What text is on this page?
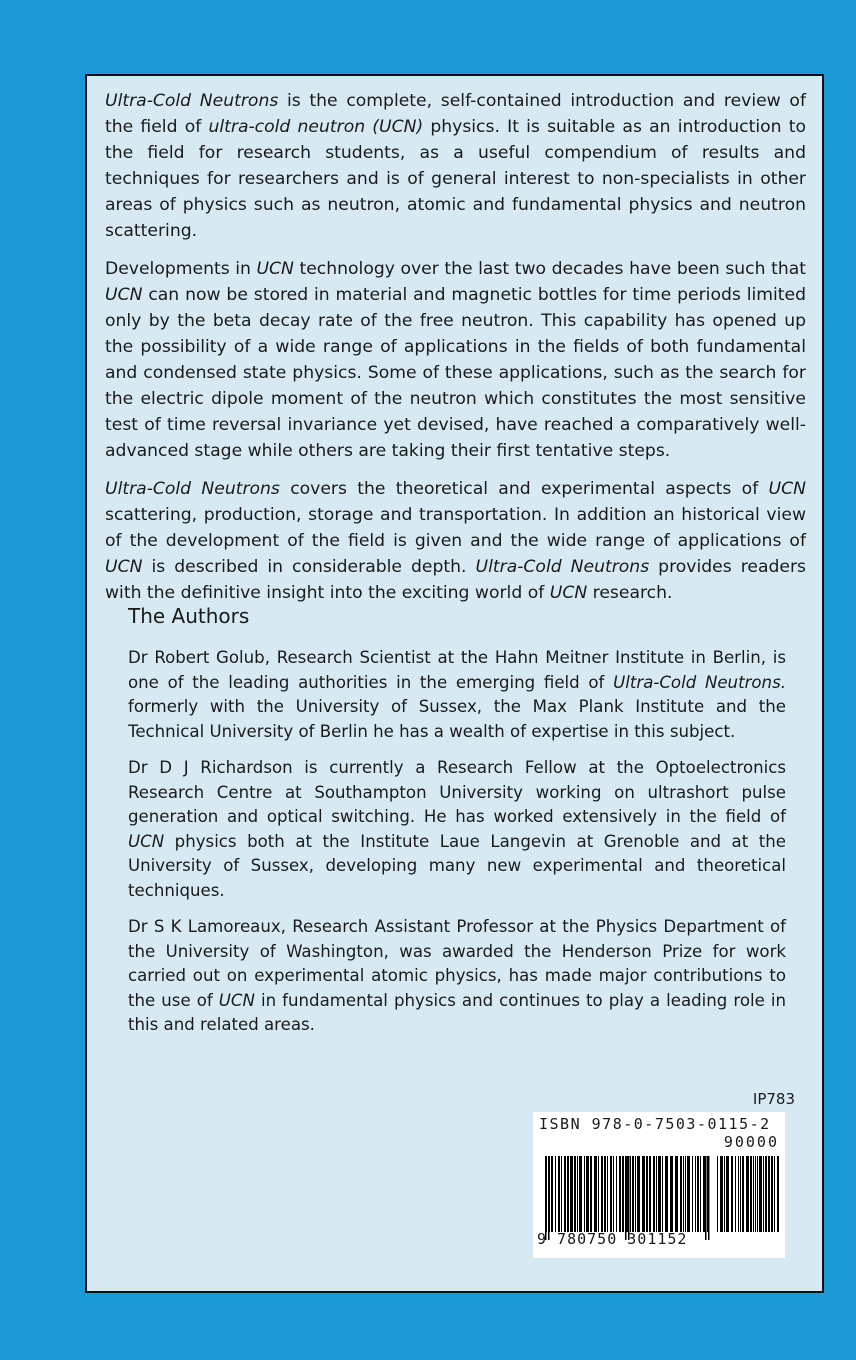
Ultra-Cold Neutrons is the complete, self-contained introduction and review of the field of ultra-cold neutron (UCN) physics. It is suitable as an introduction to the field for research students, as a useful compendium of results and techniques for researchers and is of general interest to non-specialists in other areas of physics such as neutron, atomic and fundamental physics and neutron scattering.

Developments in UCN technology over the last two decades have been such that UCN can now be stored in material and magnetic bottles for time periods limited only by the beta decay rate of the free neutron. This capability has opened up the possibility of a wide range of applications in the fields of both fundamental and condensed state physics. Some of these applications, such as the search for the electric dipole moment of the neutron which constitutes the most sensitive test of time reversal invariance yet devised, have reached a comparatively well-advanced stage while others are taking their first tentative steps.

Ultra-Cold Neutrons covers the theoretical and experimental aspects of UCN scattering, production, storage and transportation. In addition an historical view of the development of the field is given and the wide range of applications of UCN is described in considerable depth. Ultra-Cold Neutrons provides readers with the definitive insight into the exciting world of UCN research.

The Authors

Dr Robert Golub, Research Scientist at the Hahn Meitner Institute in Berlin, is one of the leading authorities in the emerging field of Ultra-Cold Neutrons. formerly with the University of Sussex, the Max Plank Institute and the Technical University of Berlin he has a wealth of expertise in this subject.

Dr D J Richardson is currently a Research Fellow at the Optoelectronics Research Centre at Southampton University working on ultrashort pulse generation and optical switching. He has worked extensively in the field of UCN physics both at the Institute Laue Langevin at Grenoble and at the University of Sussex, developing many new experimental and theoretical techniques.

Dr S K Lamoreaux, Research Assistant Professor at the Physics Department of the University of Washington, was awarded the Henderson Prize for work carried out on experimental atomic physics, has made major contributions to the use of UCN in fundamental physics and continues to play a leading role in this and related areas.

IP783
ISBN 978-0-7503-0115-2
90000
9 780750 301152
